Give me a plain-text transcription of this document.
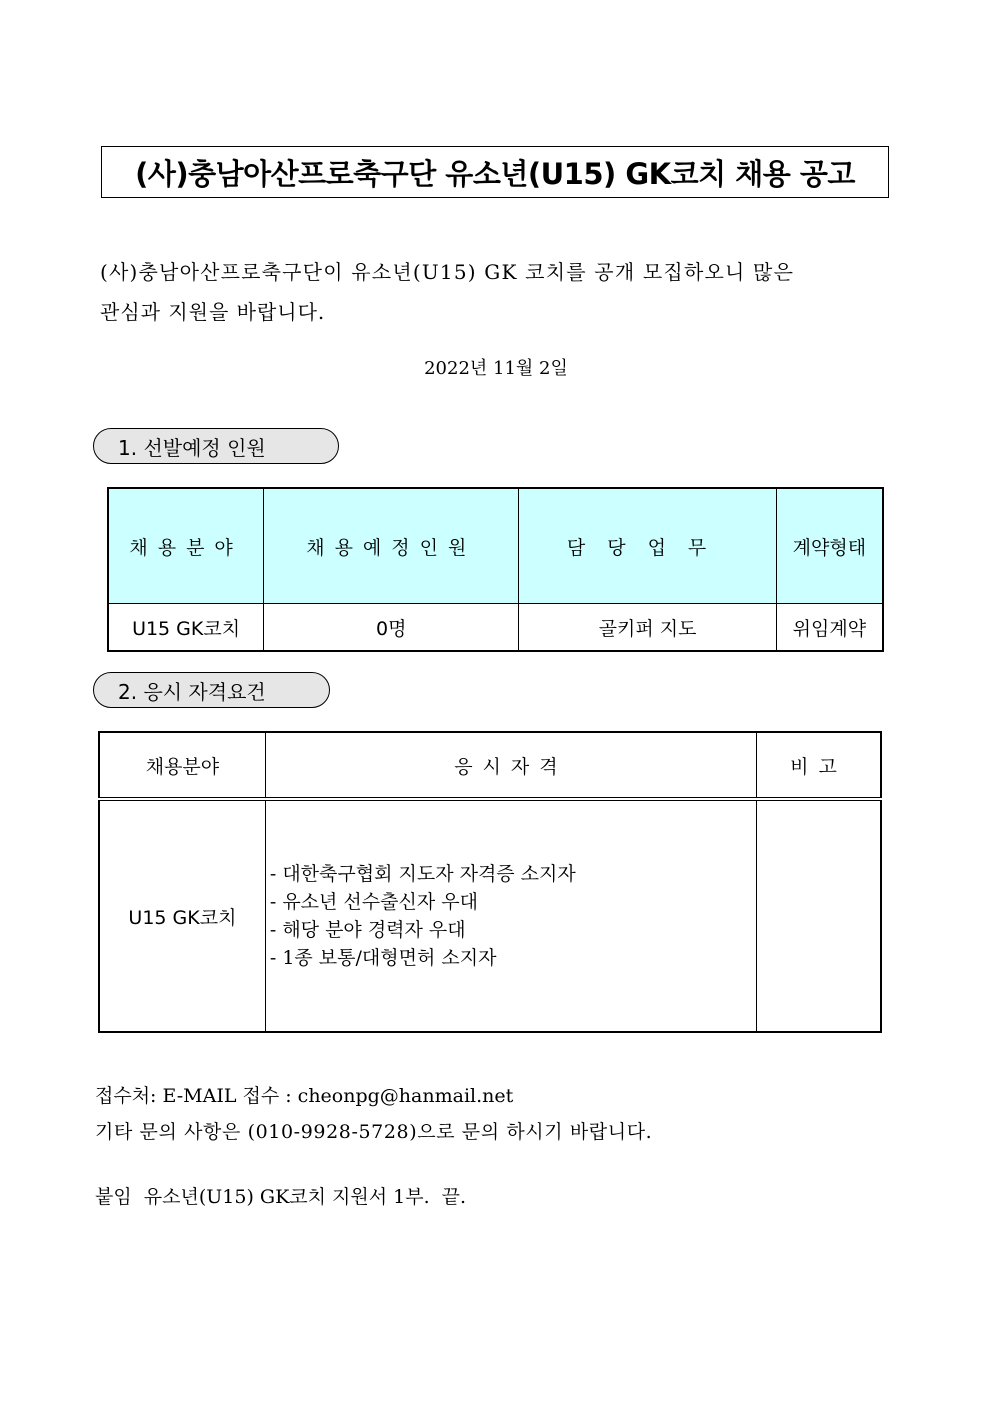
(사)충남아산프로축구단 유소년(U15) GK코치 채용 공고

(사)충남아산프로축구단이 유소년(U15) GK 코치를 공개 모집하오니 많은

관심과 지원을 바랍니다.

2022년 11월 2일
1. 선발예정 인원
채용분야	채용예정인원	담당업무	계약형태
U15 GK코치	0명	골키퍼 지도	위임계약
2. 응시 자격요건
채용분야	응시자격	비고
U15 GK코치	- 대한축구협회 지도자 자격증 소지자
- 유소년 선수출신자 우대
- 해당 분야 경력자 우대
- 1종 보통/대형면허 소지자	

접수처: E-MAIL 접수 : cheonpg@hanmail.net

기타 문의 사항은 (010-9928-5728)으로 문의 하시기 바랍니다.

붙임  유소년(U15) GK코치 지원서 1부.  끝.
